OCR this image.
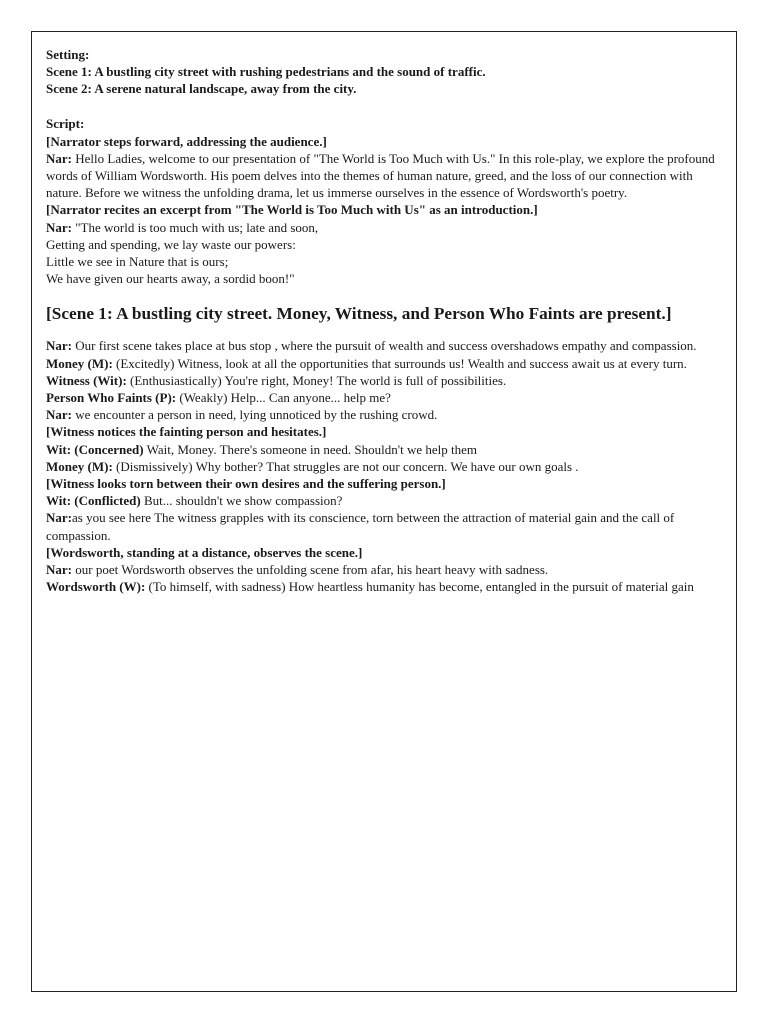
Setting:

Scene 1: A bustling city street with rushing pedestrians and the sound of traffic.

Scene 2: A serene natural landscape, away from the city.

Script:

[Narrator steps forward, addressing the audience.]

Nar: Hello Ladies, welcome to our presentation of "The World is Too Much with Us." In this role-play, we explore the profound words of William Wordsworth. His poem delves into the themes of human nature, greed, and the loss of our connection with nature. Before we witness the unfolding drama, let us immerse ourselves in the essence of Wordsworth's poetry.

[Narrator recites an excerpt from "The World is Too Much with Us" as an introduction.]

Nar: "The world is too much with us; late and soon,

Getting and spending, we lay waste our powers:

Little we see in Nature that is ours;

We have given our hearts away, a sordid boon!"

[Scene 1: A bustling city street. Money, Witness, and Person Who Faints are present.]

Nar: Our first scene takes place at bus stop , where the pursuit of wealth and success overshadows empathy and compassion.

Money (M): (Excitedly) Witness, look at all the opportunities that surrounds us! Wealth and success await us at every turn.

Witness (Wit): (Enthusiastically) You're right, Money! The world is full of possibilities.

Person Who Faints (P): (Weakly) Help... Can anyone... help me?

Nar: we encounter a person in need, lying unnoticed by the rushing crowd.

[Witness notices the fainting person and hesitates.]

Wit: (Concerned) Wait, Money. There's someone in need. Shouldn't we help them

Money (M): (Dismissively) Why bother? That struggles are not our concern. We have our own goals .

[Witness looks torn between their own desires and the suffering person.]

Wit: (Conflicted) But... shouldn't we show compassion?

Nar:as you see here The witness grapples with its conscience, torn between the attraction of material gain and the call of compassion.

[Wordsworth, standing at a distance, observes the scene.]

Nar: our poet Wordsworth observes the unfolding scene from afar, his heart heavy with sadness.

Wordsworth (W): (To himself, with sadness) How heartless humanity has become, entangled in the pursuit of material gain
